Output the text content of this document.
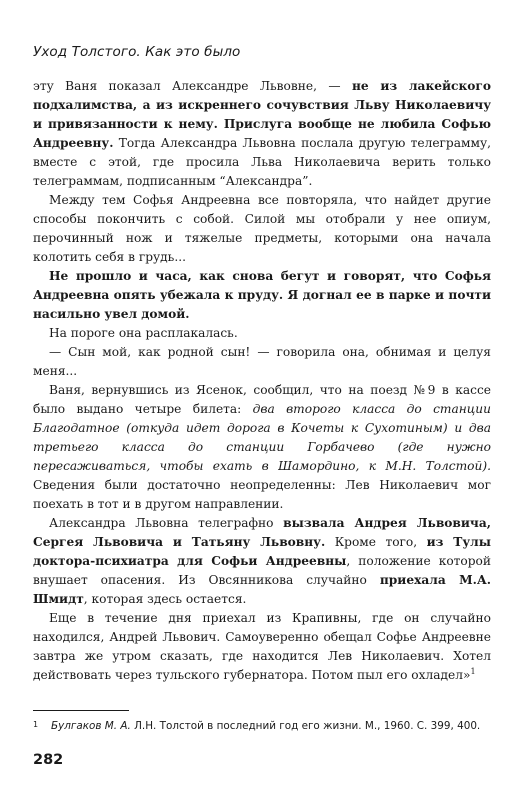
Уход Толстого. Как это было

эту Ваня показал Александре Львовне, — не из лакейского подхалимства, а из искреннего сочувствия Льву Николаевичу и привязанности к нему. Прислуга вообще не любила Софью Андреевну. Тогда Александра Львовна послала другую телеграмму, вместе с этой, где просила Льва Николаевича верить только телеграммам, подписанным “Александра”.

Между тем Софья Андреевна все повторяла, что найдет другие способы покончить с собой. Силой мы отобрали у нее опиум, перочинный нож и тяжелые предметы, которыми она начала колотить себя в грудь...

Не прошло и часа, как снова бегут и говорят, что Софья Андреевна опять убежала к пруду. Я догнал ее в парке и почти насильно увел домой.

На пороге она расплакалась.

— Сын мой, как родной сын! — говорила она, обнимая и целуя меня...

Ваня, вернувшись из Ясенок, сообщил, что на поезд №9 в кассе было выдано четыре билета: два второго класса до станции Благодатное (откуда идет дорога в Кочеты к Сухотиным) и два третьего класса до станции Горбачево (где нужно пересаживаться, чтобы ехать в Шамордино, к М.Н. Толстой). Сведения были достаточно неопределенны: Лев Николаевич мог поехать в тот и в другом направлении.

Александра Львовна телеграфно вызвала Андрея Львовича, Сергея Львовича и Татьяну Львовну. Кроме того, из Тулы доктора-психиатра для Софьи Андреевны, положение которой внушает опасения. Из Овсянникова случайно приехала М.А. Шмидт, которая здесь остается.

Еще в течение дня приехал из Крапивны, где он случайно находился, Андрей Львович. Самоуверенно обещал Софье Андреевне завтра же утром сказать, где находится Лев Николаевич. Хотел действовать через тульского губернатора. Потом пыл его охладел»$^1$

1 Булгаков М. А. Л.Н. Толстой в последний год его жизни. М., 1960. С. 399, 400.
282
